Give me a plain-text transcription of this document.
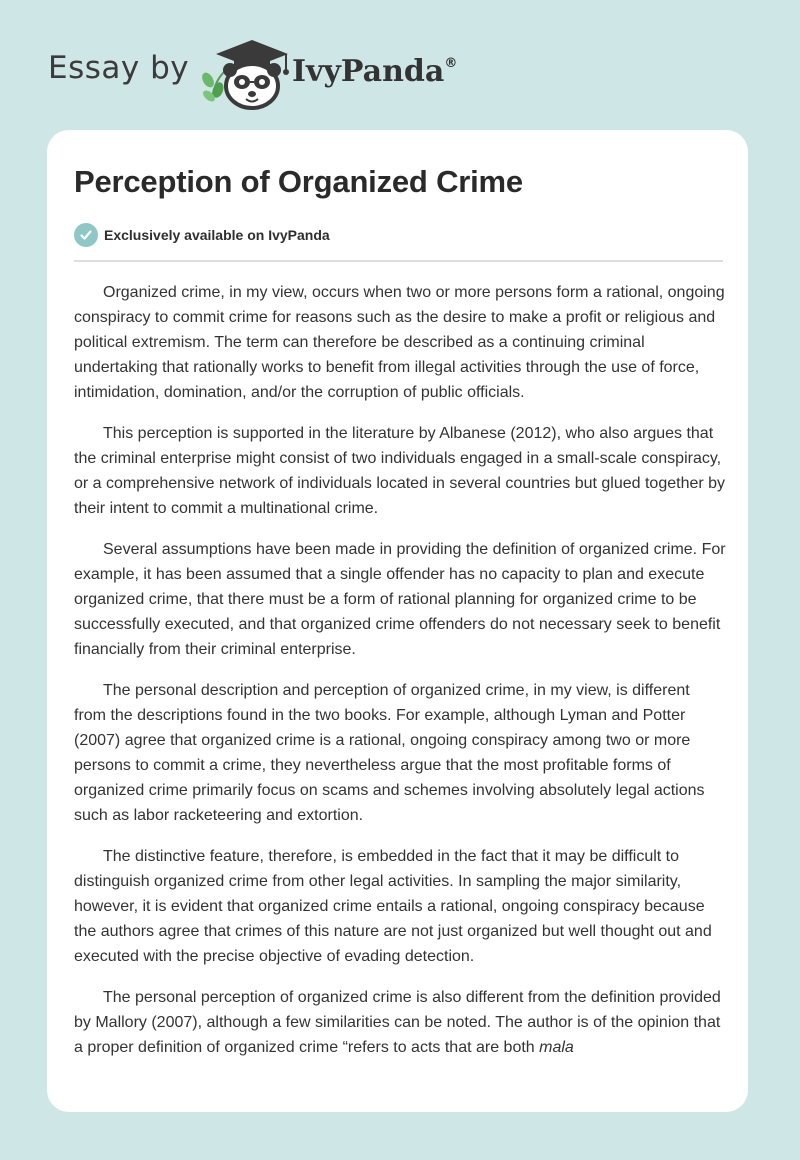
Essay by	IvyPanda®
Perception of Organized Crime
Exclusively available on IvyPanda

Organized crime, in my view, occurs when two or more persons form a rational, ongoing conspiracy to commit crime for reasons such as the desire to make a profit or religious and political extremism. The term can therefore be described as a continuing criminal undertaking that rationally works to benefit from illegal activities through the use of force, intimidation, domination, and/or the corruption of public officials.

This perception is supported in the literature by Albanese (2012), who also argues that the criminal enterprise might consist of two individuals engaged in a small-scale conspiracy, or a comprehensive network of individuals located in several countries but glued together by their intent to commit a multinational crime.

Several assumptions have been made in providing the definition of organized crime. For example, it has been assumed that a single offender has no capacity to plan and execute organized crime, that there must be a form of rational planning for organized crime to be successfully executed, and that organized crime offenders do not necessary seek to benefit financially from their criminal enterprise.

The personal description and perception of organized crime, in my view, is different from the descriptions found in the two books. For example, although Lyman and Potter (2007) agree that organized crime is a rational, ongoing conspiracy among two or more persons to commit a crime, they nevertheless argue that the most profitable forms of organized crime primarily focus on scams and schemes involving absolutely legal actions such as labor racketeering and extortion.

The distinctive feature, therefore, is embedded in the fact that it may be difficult to distinguish organized crime from other legal activities. In sampling the major similarity, however, it is evident that organized crime entails a rational, ongoing conspiracy because the authors agree that crimes of this nature are not just organized but well thought out and executed with the precise objective of evading detection.

The personal perception of organized crime is also different from the definition provided by Mallory (2007), although a few similarities can be noted. The author is of the opinion that a proper definition of organized crime “refers to acts that are both mala
